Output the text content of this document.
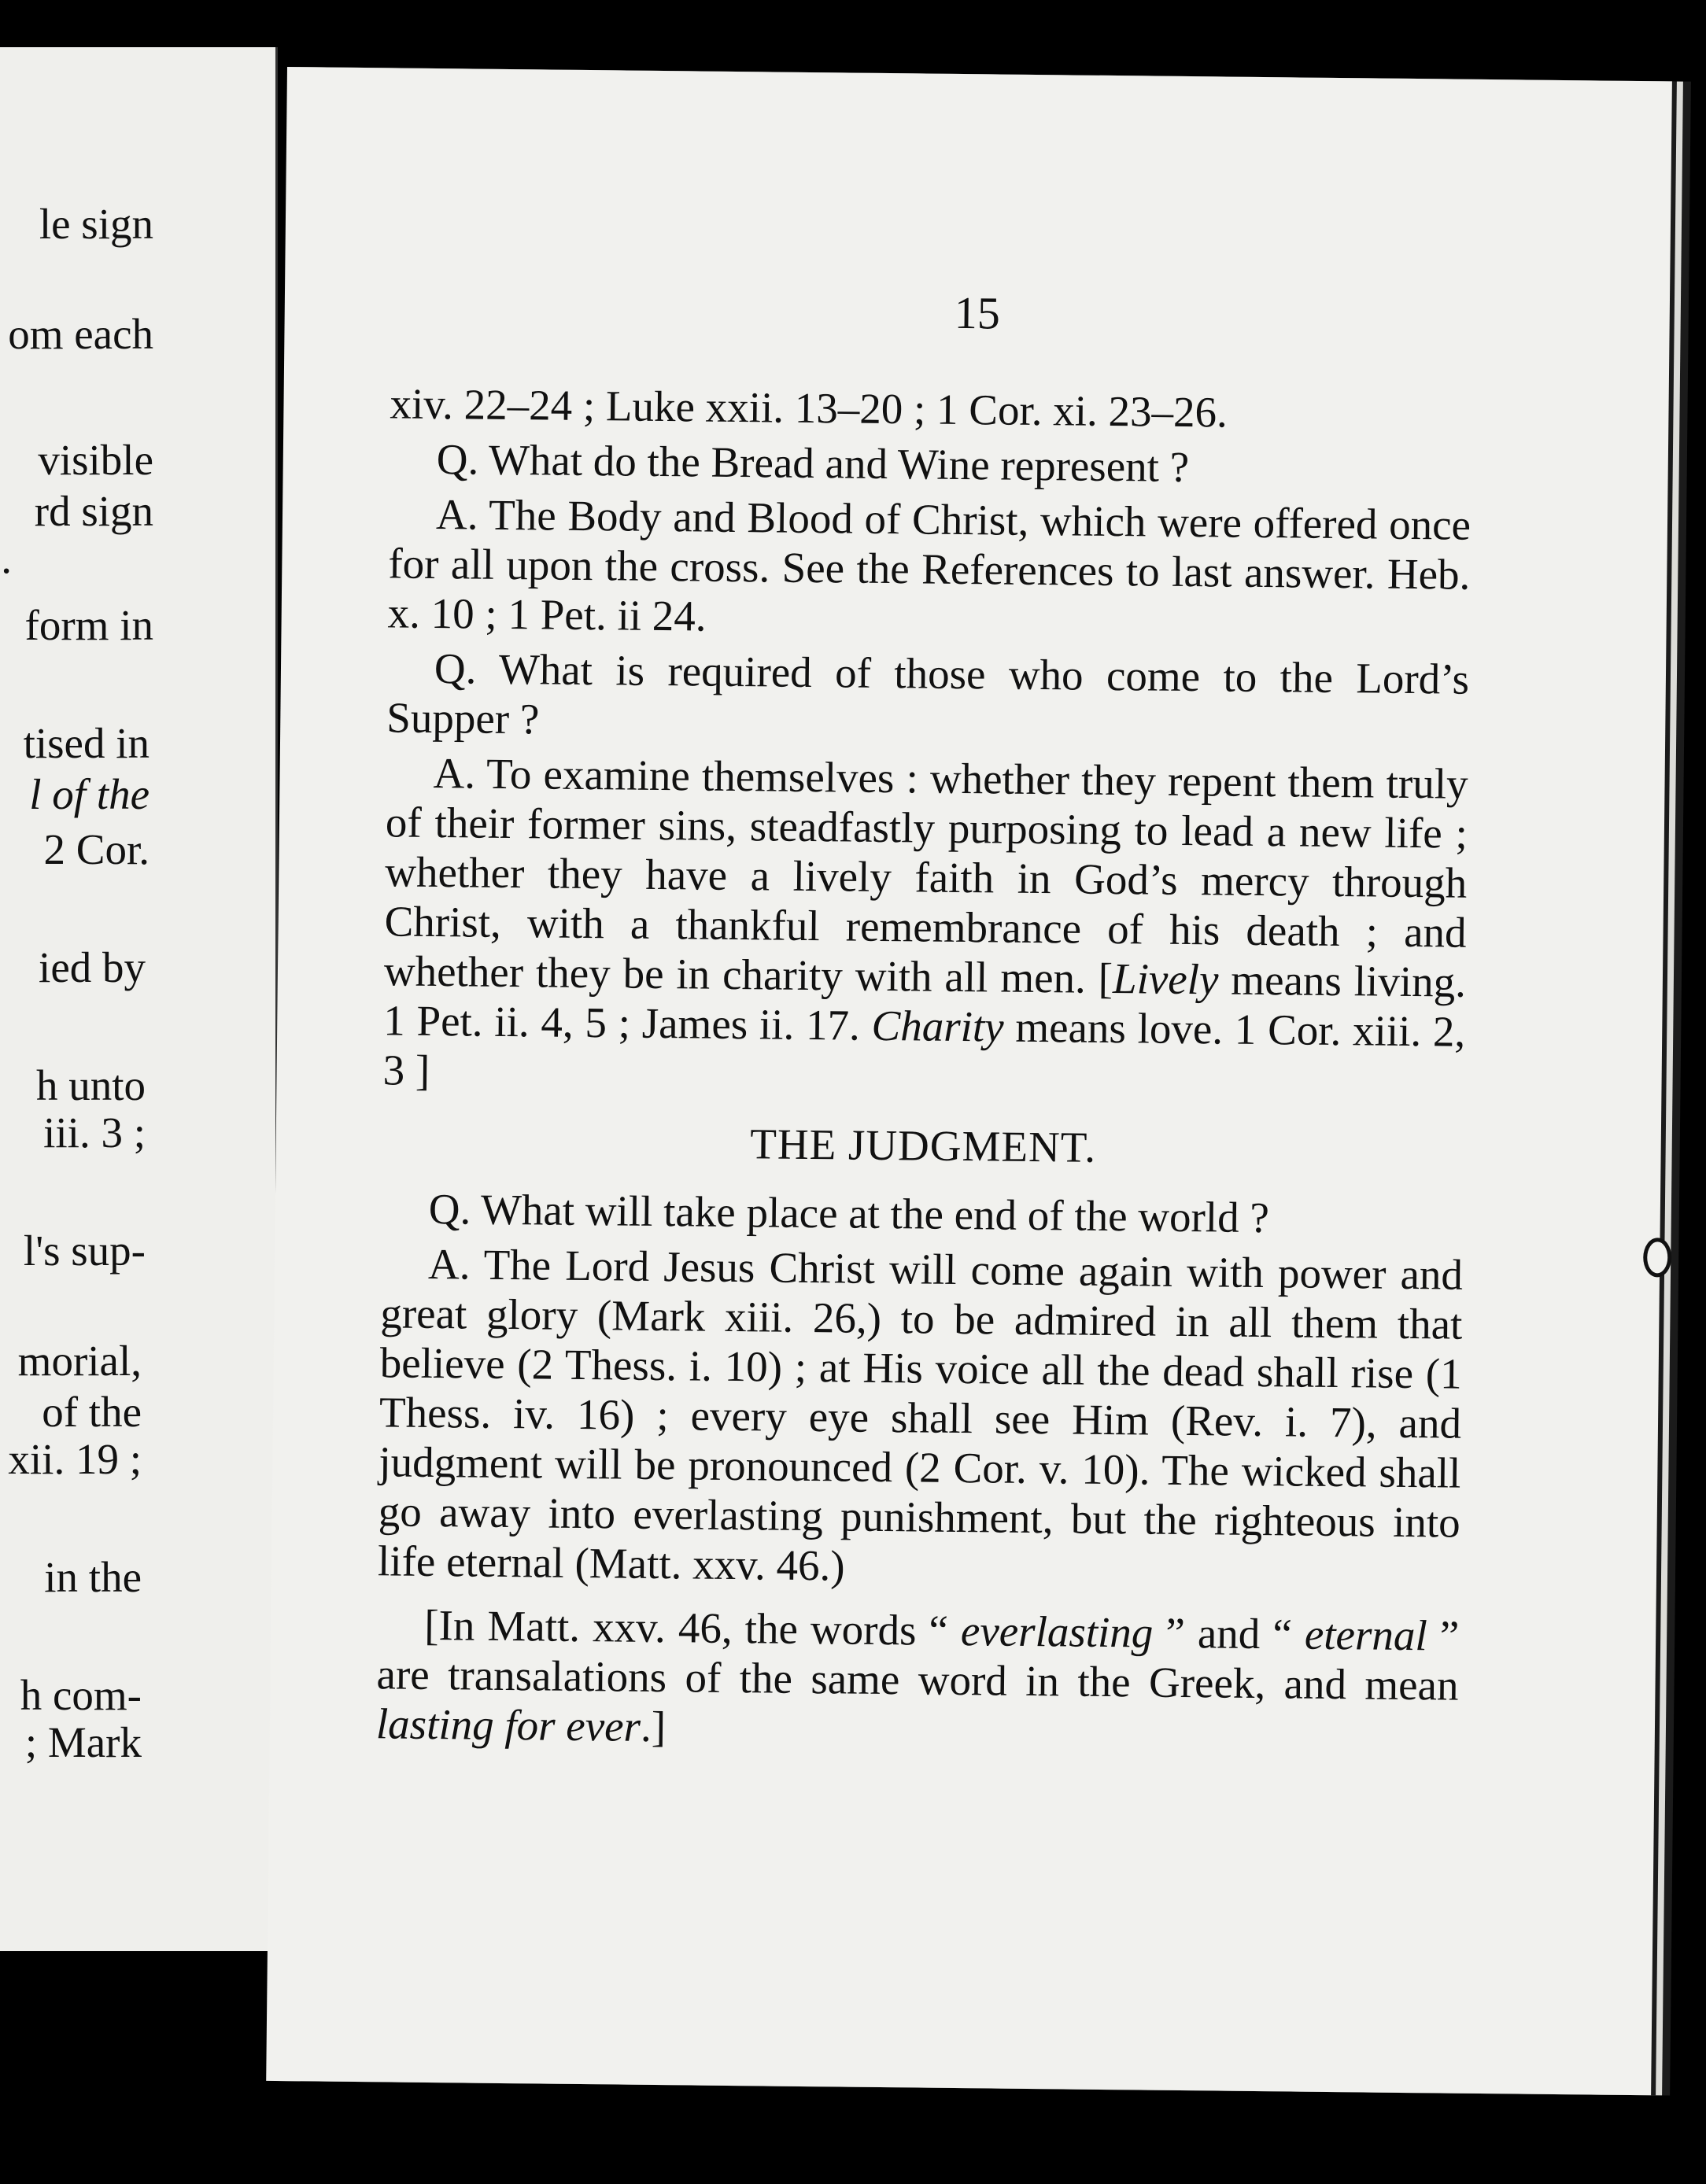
le sign
om each
visible
rd sign
.
form in
tised in
l of the
2 Cor.
ied by
h unto
iii. 3 ;
l's sup-
morial,
of the
xii. 19 ;
in the
h com-
; Mark
15

xiv. 22–24 ; Luke xxii. 13–20 ; 1 Cor. xi. 23–26.

Q. What do the Bread and Wine represent ?

A. The Body and Blood of Christ, which were offered once for all upon the cross. See the References to last answer. Heb. x. 10 ; 1 Pet. ii 24.

Q. What is required of those who come to the Lord’s Supper ?

A. To examine themselves : whether they repent them truly of their former sins, steadfastly purposing to lead a new life ; whether they have a lively faith in God’s mercy through Christ, with a thankful remembrance of his death ; and whether they be in charity with all men. [Lively means living. 1 Pet. ii. 4, 5 ; James ii. 17. Charity means love. 1 Cor. xiii. 2, 3 ]

THE JUDGMENT.

Q. What will take place at the end of the world ?

A. The Lord Jesus Christ will come again with power and great glory (Mark xiii. 26,) to be admired in all them that believe (2 Thess. i. 10) ; at His voice all the dead shall rise (1 Thess. iv. 16) ; every eye shall see Him (Rev. i. 7), and judgment will be pronounced (2 Cor. v. 10). The wicked shall go away into everlasting punishment, but the righteous into life eternal (Matt. xxv. 46.)

[In Matt. xxv. 46, the words “ everlasting ” and “ eternal ” are transalations of the same word in the Greek, and mean lasting for ever.]
